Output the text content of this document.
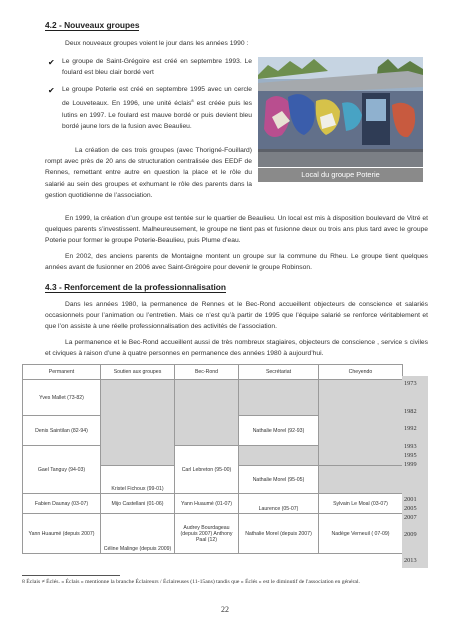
4.2 - Nouveaux groupes
Deux nouveaux groupes voient le jour dans les années 1990 :
✔ Le groupe de Saint-Grégoire est créé en septembre 1993. Le foulard est bleu clair bordé vert
✔ Le groupe Poterie est créé en septembre 1995 avec un cercle de Louveteaux. En 1996, une unité éclais$^8$ est créée puis les lutins en 1997. Le foulard est mauve bordé or puis devient bleu bordé jaune lors de la fusion avec Beaulieu.
La création de ces trois groupes (avec Thorigné-Fouillard) rompt avec près de 20 ans de structuration centralisée des EEDF de Rennes, remettant entre autre en question la place et le rôle du salarié au sein des groupes et exhumant le rôle des parents dans la gestion quotidienne de l’association.
Local du groupe Poterie
En 1999, la création d’un groupe est tentée sur le quartier de Beaulieu. Un local est mis à disposition boulevard de Vitré et quelques parents s’investissent. Malheureusement, le groupe ne tient pas et fusionne deux ou trois ans plus tard avec le groupe Poterie pour former le groupe Poterie-Beaulieu, puis Plume d’eau.
En 2002, des anciens parents de Montaigne montent un groupe sur la commune du Rheu. Le groupe tient quelques années avant de fusionner en 2006 avec Saint-Grégoire pour devenir le groupe Robinson.
4.3 - Renforcement de la professionnalisation
Dans les années 1980, la permanence de Rennes et le Bec-Rond accueillent objecteurs de conscience et salariés occasionnels pour l’animation ou l’entretien. Mais ce n’est qu’à partir de 1995 que l’équipe salarié se renforce véritablement et que l’on assiste à une réelle professionnalisation des activités de l’association.
La permanence et le Bec-Rond accueillent aussi de très nombreux stagiaires, objecteurs de conscience , service s civiles et civiques à raison d’une à quatre personnes en permanence des années 1980 à aujourd’hui.
Permanent	Soutien aux groupes	Bec-Rond	Secrétariat	Cheyendo	
Yves Mallet (73-82)					
Denis Saintilan (82-94)			Nathalie Morel (92-93)		
Gael Tanguy (94-03)		Carl Lebreton (95-00)			
	Kristel Fichoux (99-01)		Nathalie Morel (95-05)		
Fabien Daunay (03-07)	Mijo Castellani (01-06)	Yann Huaumé (01-07)	Laurence (05-07)	Sylvain Le Moal (03-07)	
Yann Huaumé (depuis 2007)	Céline Malinge (depuis 2009)	Audrey Bourdageau (depuis 2007) Anthony Paal (12)	Nathalie Morel (depuis 2007)	Nadège Verneuil ( 07-09)	
1973
1982
1992
1993
1995
1999
2001
2005
2007
2009
2013
8 Éclais ≠ Éclés. « Éclais » mentionne la branche Éclaireurs / Éclaireuses (11-15ans) tandis que « Éclés » est le diminutif de l'association en général.
22
